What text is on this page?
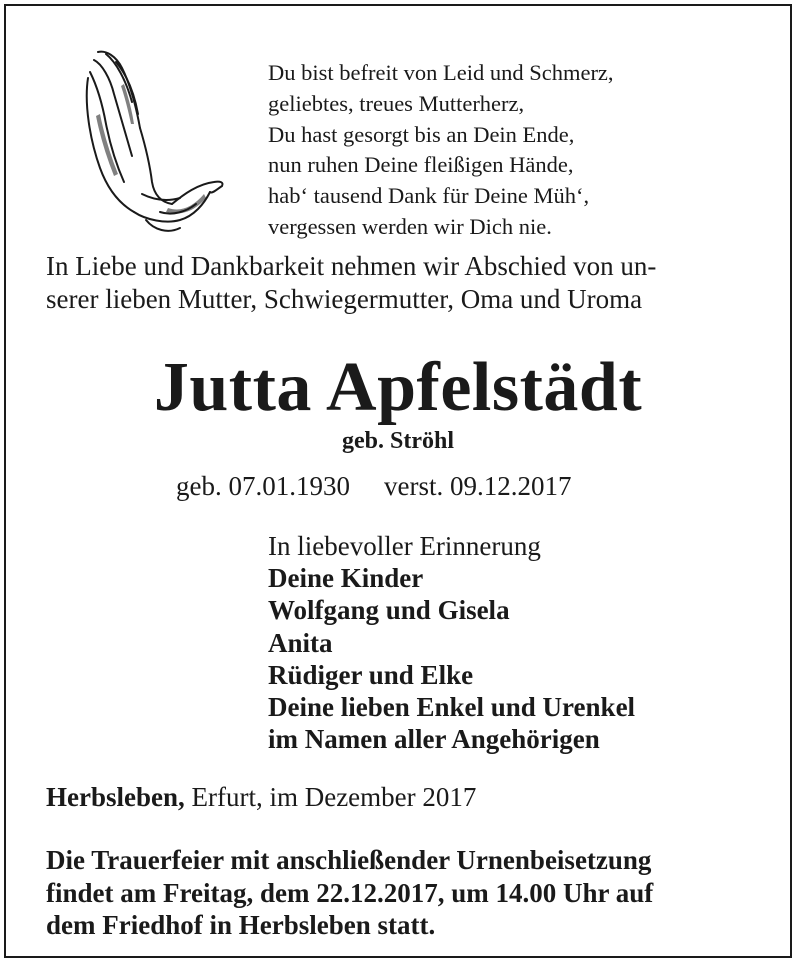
Du bist befreit von Leid und Schmerz,
geliebtes, treues Mutterherz,
Du hast gesorgt bis an Dein Ende,
nun ruhen Deine fleißigen Hände,
hab‘ tausend Dank für Deine Müh‘,
vergessen werden wir Dich nie.
In Liebe und Dankbarkeit nehmen wir Abschied von un-
serer lieben Mutter, Schwiegermutter, Oma und Uroma
Jutta Apfelstädt
geb. Ströhl
geb. 07.01.1930 verst. 09.12.2017
In liebevoller Erinnerung
Deine Kinder
Wolfgang und Gisela
Anita
Rüdiger und Elke
Deine lieben Enkel und Urenkel
im Namen aller Angehörigen
Herbsleben, Erfurt, im Dezember 2017
Die Trauerfeier mit anschließender Urnenbeisetzung
findet am Freitag, dem 22.12.2017, um 14.00 Uhr auf
dem Friedhof in Herbsleben statt.
